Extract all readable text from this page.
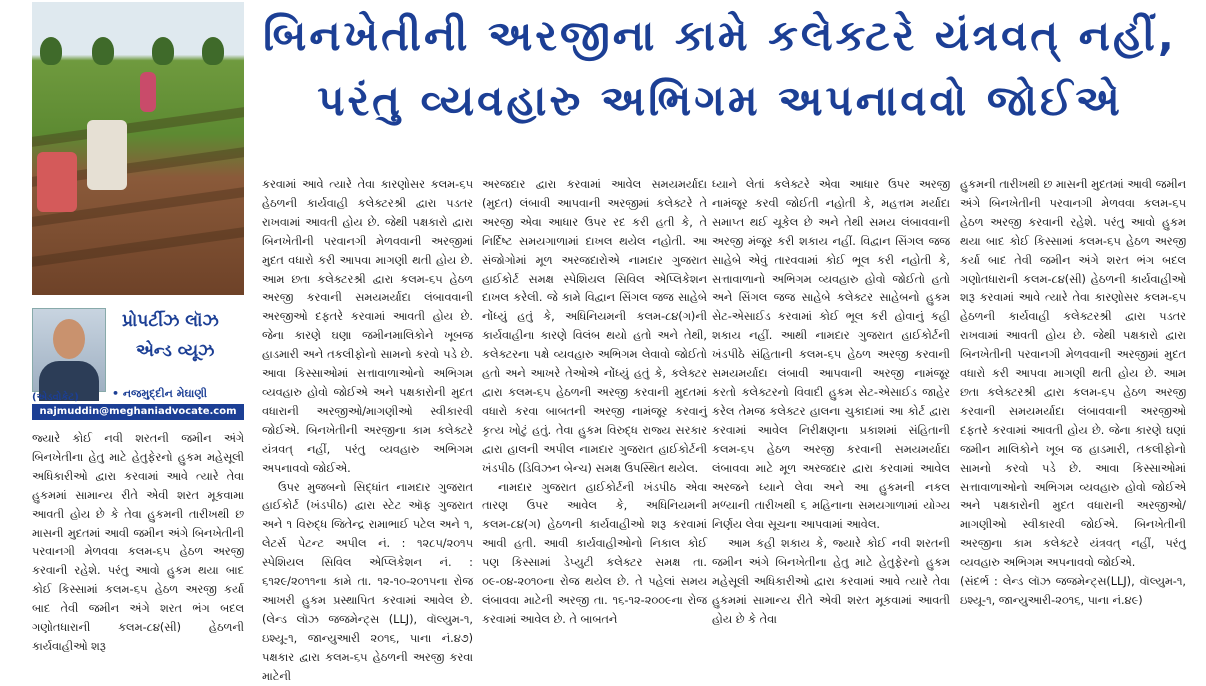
બિનખેતીની અરજીના કામે કલેક્ટરે યંત્રવત્ નહીં,
પરંતુ વ્યવહારુ અભિગમ અપનાવવો જોઈએ
પ્રોપર્ટીઝ લૉઝ
એન્ડ વ્યૂઝ
(એડવોકેટ)	• નજમુદ્દીન મેઘાણી
najmuddin@meghaniadvocate.com

જ્યારે કોઈ નવી શરતની જમીન અંગે બિનખેતીના હેતુ માટે હેતુફેરનો હુકમ મહેસૂલી અધિકારીઓ દ્વારા કરવામાં આવે ત્યારે તેવા હુકમમાં સામાન્ય રીતે એવી શરત મૂકવામા આવતી હોય છે કે તેવા હુકમની તારીખથી છ માસની મુદતમાં આવી જમીન અંગે બિનખેતીની પરવાનગી મેળવવા કલમ-૬૫ હેઠળ અરજી કરવાની રહેશે. પરંતુ આવો હુકમ થયા બાદ કોઈ કિસ્સામાં કલમ-૬૫ હેઠળ અરજી કર્યા બાદ તેવી જમીન અંગે શરત ભંગ બદલ ગણોતધારાની કલમ-૮૪(સી) હેઠળની કાર્યવાહીઓ શરૂ

કરવામાં આવે ત્યારે તેવા કારણોસર કલમ-૬૫ હેઠળની કાર્યવાહી કલેક્ટરશ્રી દ્વારા પડતર રાખવામાં આવતી હોય છે. જેથી પક્ષકારો દ્વારા બિનખેતીની પરવાનગી મેળવવાની અરજીમાં મુદત વધારો કરી આપવા માગણી થતી હોય છે. આમ છતા કલેક્ટરશ્રી દ્વારા કલમ-૬૫ હેઠળ અરજી કરવાની સમયમર્યાદા લંબાવવાની અરજીઓ દફતરે કરવામાં આવતી હોય છે. જેના કારણે ઘણા જમીનમાલિકોને ખૂબજ હાડમારી અને તકલીફોનો સામનો કરવો પડે છે. આવા કિસ્સાઓમાં સત્તાવાળાઓનો અભિગમ વ્યવહારુ હોવો જોઈએ અને પક્ષકારોની મુદત વધારાની અરજીઓ/માગણીઓ સ્વીકારવી જોઈએ. બિનખેતીની અરજીના કામ કલેક્ટરે યંત્રવત્ નહીં, પરંતુ વ્યવહારુ અભિગમ અપનાવવો જોઈએ.

ઉપર મુજબનો સિદ્ધાંત નામદાર ગુજરાત હાઈકોર્ટ (ખંડપીઠ) દ્વારા સ્ટેટ ઑફ ગુજરાત અને ૧ વિરુદ્ધ જિતેન્દ્ર રામાભાઈ પટેલ અને ૧, લેટર્સ પેટન્ટ અપીલ નં. : ૧૨૮૫/૨૦૧૫ સ્પેશિયલ સિવિલ એપ્લિકેશન નં. : ૬૧૨૯/૨૦૧૧ના કામે તા. ૧૨-૧૦-૨૦૧૫ના રોજ આખરી હુકમ પ્રસ્થાપિત કરવામાં આવેલ છે. (લેન્ડ લૉઝ જજમેન્ટ્સ (LLJ), વૉલ્યુમ-૧, ઇશ્યૂ-૧, જાન્યુઆરી ૨૦૧૬, પાના નં.૪૭) પક્ષકાર દ્વારા કલમ-૬૫ હેઠળની અરજી કરવા માટેની

અરજદાર દ્વારા કરવામાં આવેલ સમયમર્યાદા (મુદત) લંબાવી આપવાની અરજીમાં કલેક્ટરે તે અરજી એવા આધાર ઉપર રદ કરી હતી કે, તે નિર્દિષ્ટ સમયગાળામાં દાખલ થયેલ નહોતી. આ સંજોગોમાં મૂળ અરજદારોએ નામદાર ગુજરાત હાઈકોર્ટ સમક્ષ સ્પેશિયલ સિવિલ એપ્લિકેશન દાખલ કરેલી. જે કામે વિદ્વાન સિંગલ જજ સાહેબે નોંધ્યું હતું કે, અધિનિયમની કલમ-૮૪(ગ)ની કાર્યવાહીના કારણે વિલંબ થયો હતો અને તેથી, કલેક્ટરના પક્ષે વ્યવહારુ અભિગમ લેવાવો જોઈતો હતો અને આખરે તેઓએ નોંધ્યું હતું કે, કલેક્ટર દ્વારા કલમ-૬૫ હેઠળની અરજી કરવાની મુદતમાં વધારો કરવા બાબતની અરજી નામંજૂર કરવાનું કૃત્ય ખોટું હતું. તેવા હુકમ વિરુદ્ધ રાજ્ય સરકાર દ્વારા હાલની અપીલ નામદાર ગુજરાત હાઈકોર્ટની ખંડપીઠ (ડિવિઝન બેન્ચ) સમક્ષ ઉપસ્થિત થયેલ.

નામદાર ગુજરાત હાઈકોર્ટની ખંડપીઠ એવા તારણ ઉપર આવેલ કે, અધિનિયમની કલમ-૮૪(ગ) હેઠળની કાર્યવાહીઓ શરૂ કરવામાં આવી હતી. આવી કાર્યવાહીઓનો નિકાલ કોઈ પણ કિસ્સામાં ડેપ્યુટી કલેક્ટર સમક્ષ તા. ૦૯-૦૪-૨૦૧૦ના રોજ થયેલ છે. તે પહેલાં સમય લંબાવવા માટેની અરજી તા. ૧૬-૧૨-૨૦૦૯ના રોજ કરવામાં આવેલ છે. તે બાબતને

ધ્યાને લેતાં કલેક્ટરે એવા આધાર ઉપર અરજી નામંજૂર કરવી જોઈતી નહોતી કે, મહત્તમ મર્યાદા સમાપ્ત થઈ ચૂકેલ છે અને તેથી સમય લંબાવવાની અરજી મંજૂર કરી શકાય નહીં. વિદ્વાન સિંગલ જજ સાહેબે એવું તારવવામાં કોઈ ભૂલ કરી નહોતી કે, સત્તાવાળાનો અભિગમ વ્યવહારુ હોવો જોઈતો હતો અને સિંગલ જજ સાહેબે કલેક્ટર સાહેબનો હુકમ સેટ-એસાઈડ કરવામાં કોઈ ભૂલ કરી હોવાનું કહી શકાય નહીં. આથી નામદાર ગુજરાત હાઈકોર્ટની ખંડપીઠે સંહિતાની કલમ-૬૫ હેઠળ અરજી કરવાની સમયમર્યાદા લંબાવી આપવાની અરજી નામંજૂર કરતો કલેક્ટરનો વિવાદી હુકમ સેટ-એસાઈડ જાહેર કરેલ તેમજ કલેક્ટર હાલના ચુકાદામાં આ કોર્ટ દ્વારા કરવામાં આવેલ નિરીક્ષણના પ્રકાશમાં સંહિતાની કલમ-૬૫ હેઠળ અરજી કરવાની સમયમર્યાદા લંબાવવા માટે મૂળ અરજદાર દ્વારા કરવામાં આવેલ અરજને ધ્યાને લેવા અને આ હુકમની નકલ મળ્યાની તારીખથી ૬ મહિનાના સમયગાળામાં યોગ્ય નિર્ણય લેવા સૂચના આપવામાં આવેલ.

આમ કહી શકાય કે, જ્યારે કોઈ નવી શરતની જમીન અંગે બિનખેતીના હેતુ માટે હેતુફેરનો હુકમ મહેસૂલી અધિકારીઓ દ્વારા કરવામાં આવે ત્યારે તેવા હુકમમાં સામાન્ય રીતે એવી શરત મૂકવામાં આવતી હોય છે કે તેવા

હુકમની તારીખથી છ માસની મુદતમાં આવી જમીન અંગે બિનખેતીની પરવાનગી મેળવવા કલમ-૬૫ હેઠળ અરજી કરવાની રહેશે. પરંતુ આવો હુકમ થયા બાદ કોઈ કિસ્સામાં કલમ-૬૫ હેઠળ અરજી કર્યા બાદ તેવી જમીન અંગે શરત ભંગ બદલ ગણોતધારાની કલમ-૮૪(સી) હેઠળની કાર્યવાહીઓ શરૂ કરવામાં આવે ત્યારે તેવા કારણોસર કલમ-૬૫ હેઠળની કાર્યવાહી કલેક્ટરશ્રી દ્વારા પડતર રાખવામાં આવતી હોય છે. જેથી પક્ષકારો દ્વારા બિનખેતીની પરવાનગી મેળવવાની અરજીમાં મુદત વધારો કરી આપવા માગણી થતી હોય છે. આમ છતા કલેક્ટરશ્રી દ્વારા કલમ-૬૫ હેઠળ અરજી કરવાની સમયમર્યાદા લંબાવવાની અરજીઓ દફતરે કરવામાં આવતી હોય છે. જેના કારણે ઘણાં જમીન માલિકોને ખૂબ જ હાડમારી, તકલીફોનો સામનો કરવો પડે છે. આવા કિસ્સાઓમાં સત્તાવાળાઓનો અભિગમ વ્યવહારુ હોવો જોઈએ અને પક્ષકારોની મુદત વધારાની અરજીઓ/માગણીઓ સ્વીકારવી જોઈએ. બિનખેતીની અરજીના કામ કલેક્ટરે યંત્રવત્ નહીં, પરંતુ વ્યવહારુ અભિગમ અપનાવવો જોઈએ.

(સંદર્ભ : લેન્ડ લૉઝ જજમેન્ટ્સ(LLJ), વૉલ્યુમ-૧, ઇશ્યૂ-૧, જાન્યુઆરી-૨૦૧૬, પાના નં.૪૯)
